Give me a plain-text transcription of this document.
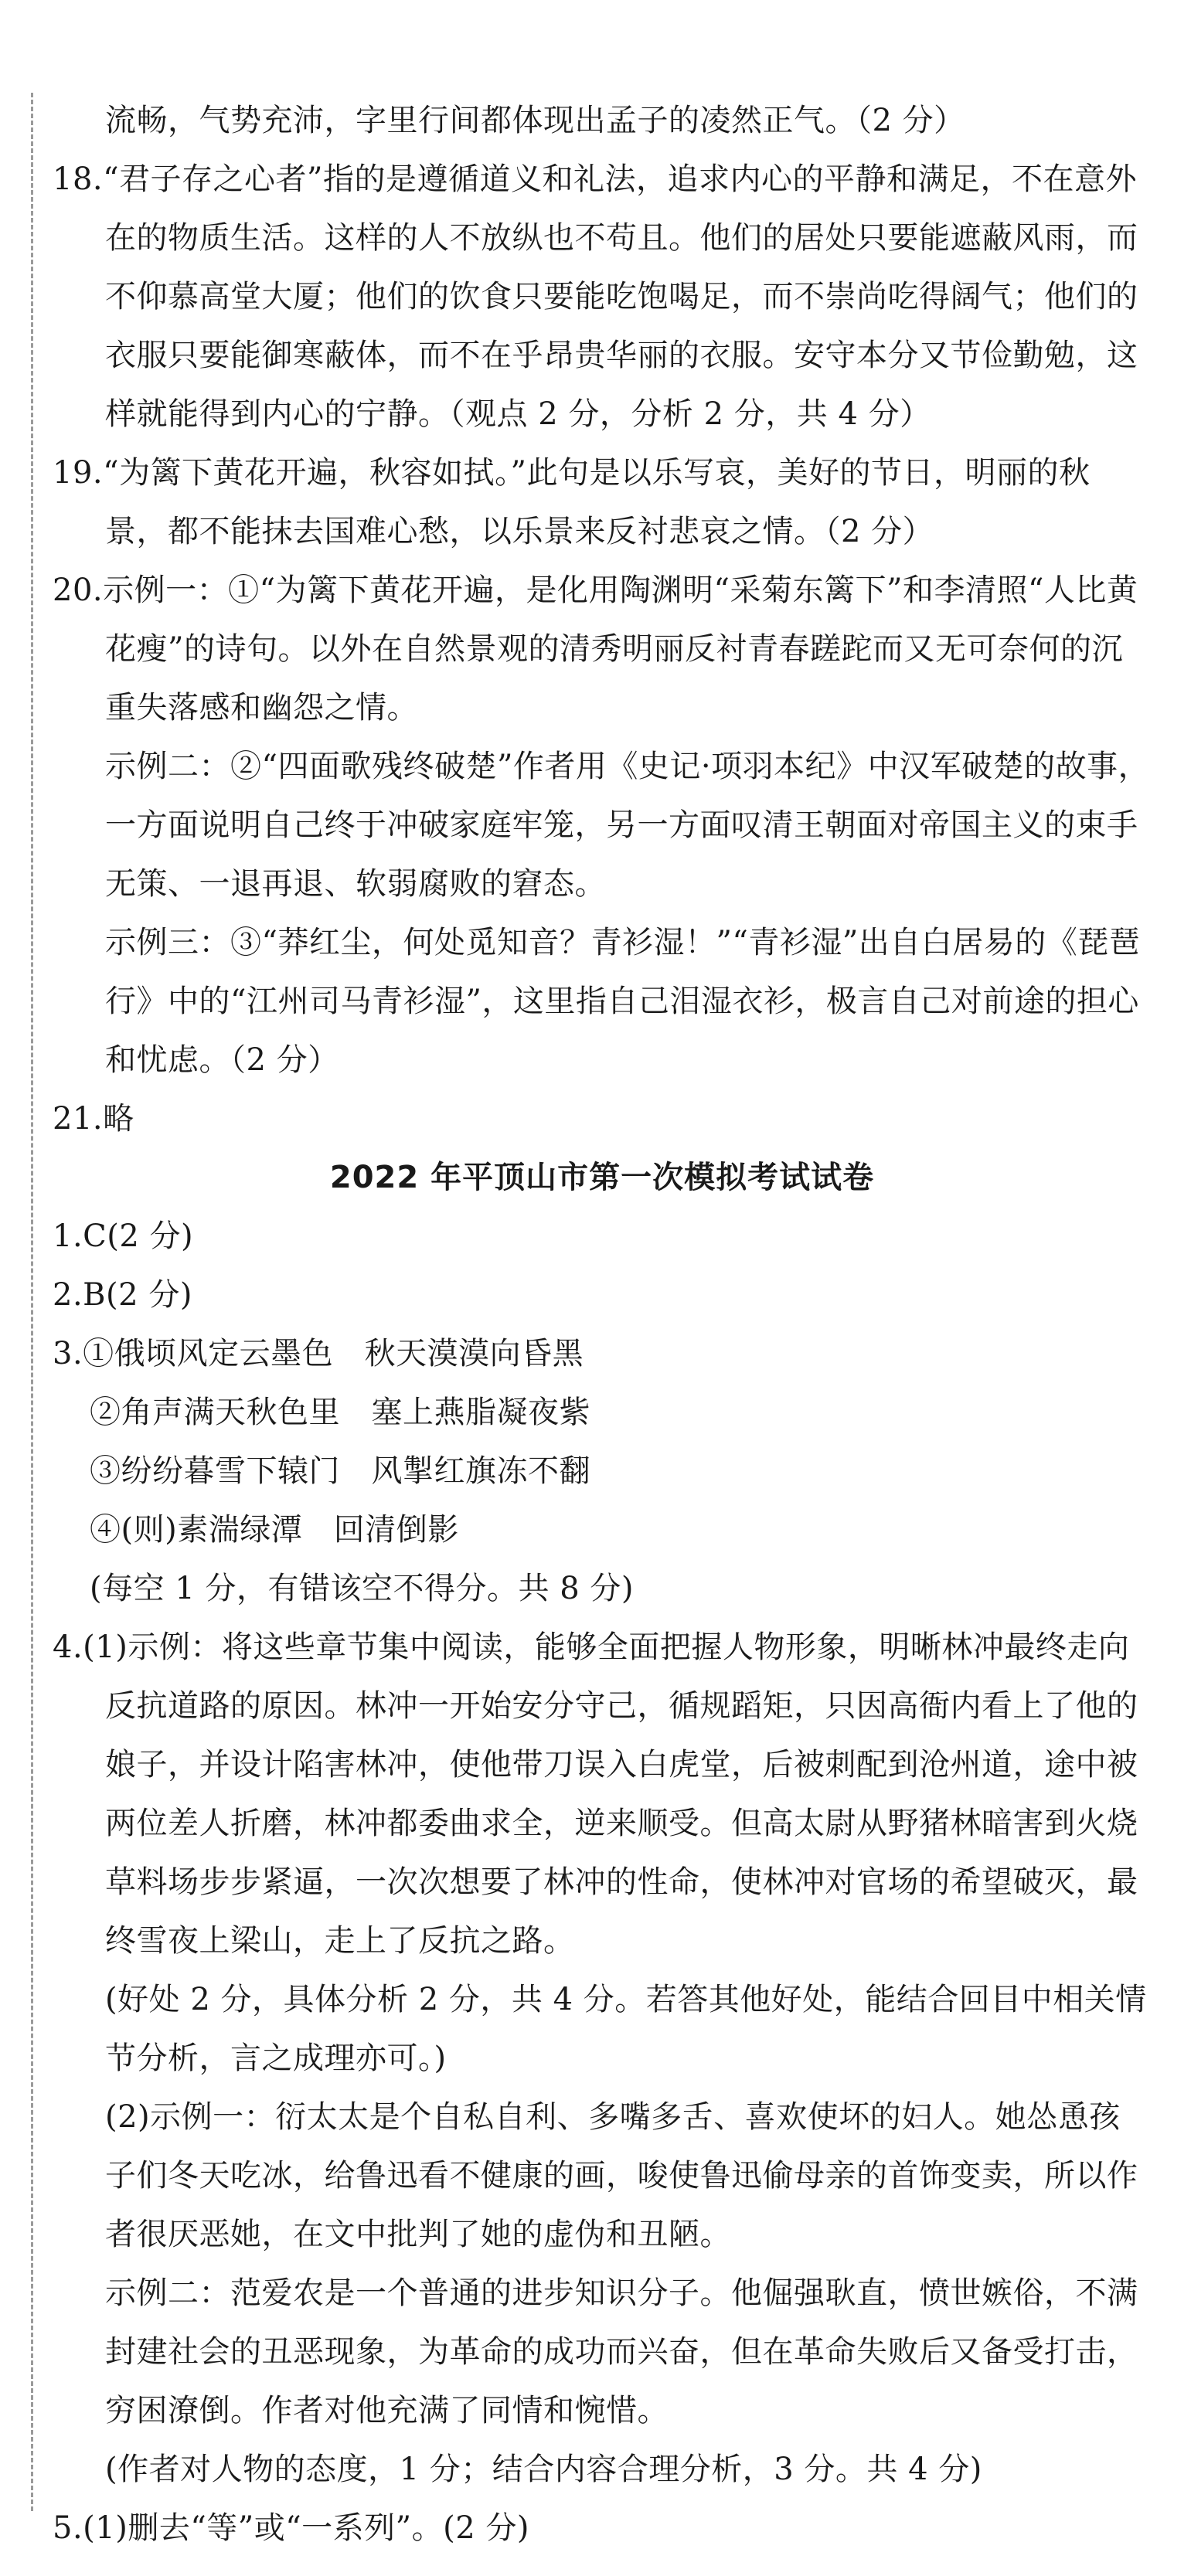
流畅，气势充沛，字里行间都体现出孟子的凌然正气。（2 分）

18.“君子存之心者”指的是遵循道义和礼法，追求内心的平静和满足，不在意外在的物质生活。这样的人不放纵也不苟且。他们的居处只要能遮蔽风雨，而不仰慕高堂大厦；他们的饮食只要能吃饱喝足，而不崇尚吃得阔气；他们的衣服只要能御寒蔽体，而不在乎昂贵华丽的衣服。安守本分又节俭勤勉，这样就能得到内心的宁静。（观点 2 分，分析 2 分，共 4 分）

19.“为篱下黄花开遍，秋容如拭。”此句是以乐写哀，美好的节日，明丽的秋景，都不能抹去国难心愁，以乐景来反衬悲哀之情。（2 分）

20.示例一：①“为篱下黄花开遍，是化用陶渊明“采菊东篱下”和李清照“人比黄花瘦”的诗句。以外在自然景观的清秀明丽反衬青春蹉跎而又无可奈何的沉重失落感和幽怨之情。

示例二：②“四面歌残终破楚”作者用《史记·项羽本纪》中汉军破楚的故事，一方面说明自己终于冲破家庭牢笼，另一方面叹清王朝面对帝国主义的束手无策、一退再退、软弱腐败的窘态。

示例三：③“莽红尘，何处觅知音？青衫湿！”“青衫湿”出自白居易的《琵琶行》中的“江州司马青衫湿”，这里指自己泪湿衣衫，极言自己对前途的担心和忧虑。（2 分）

21.略

2022 年平顶山市第一次模拟考试试卷

1.C(2 分)

2.B(2 分)

3.①俄顷风定云墨色　秋天漠漠向昏黑

②角声满天秋色里　塞上燕脂凝夜紫

③纷纷暮雪下辕门　风掣红旗冻不翻

④(则)素湍绿潭　回清倒影

(每空 1 分，有错该空不得分。共 8 分)

4.(1)示例：将这些章节集中阅读，能够全面把握人物形象，明晰林冲最终走向反抗道路的原因。林冲一开始安分守己，循规蹈矩，只因高衙内看上了他的娘子，并设计陷害林冲，使他带刀误入白虎堂，后被刺配到沧州道，途中被两位差人折磨，林冲都委曲求全，逆来顺受。但高太尉从野猪林暗害到火烧草料场步步紧逼，一次次想要了林冲的性命，使林冲对官场的希望破灭，最终雪夜上梁山，走上了反抗之路。

(好处 2 分，具体分析 2 分，共 4 分。若答其他好处，能结合回目中相关情节分析，言之成理亦可。)

(2)示例一：衍太太是个自私自利、多嘴多舌、喜欢使坏的妇人。她怂恿孩子们冬天吃冰，给鲁迅看不健康的画，唆使鲁迅偷母亲的首饰变卖，所以作者很厌恶她，在文中批判了她的虚伪和丑陋。

示例二：范爱农是一个普通的进步知识分子。他倔强耿直，愤世嫉俗，不满封建社会的丑恶现象，为革命的成功而兴奋，但在革命失败后又备受打击，穷困潦倒。作者对他充满了同情和惋惜。

(作者对人物的态度，1 分；结合内容合理分析，3 分。共 4 分)

5.(1)删去“等”或“一系列”。(2 分)
